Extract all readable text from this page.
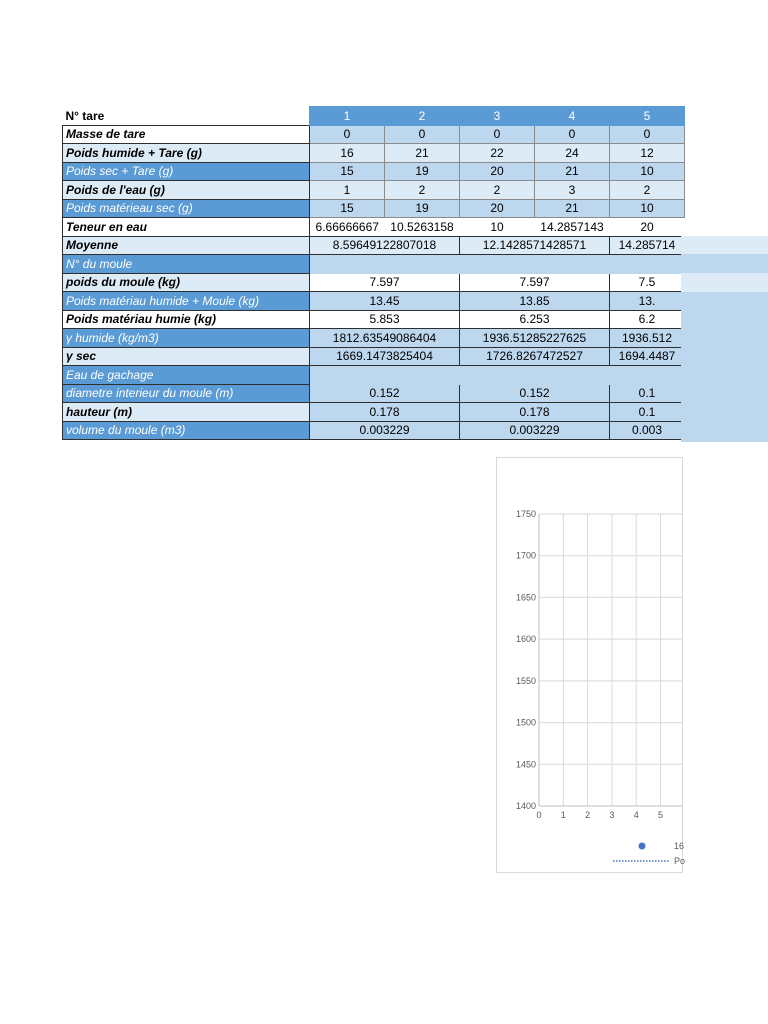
N° tare	1	2	3	4	5
Masse de tare	0	0	0	0	0
Poids humide + Tare (g)	16	21	22	24	12
Poids sec + Tare (g)	15	19	20	21	10
Poids de l'eau (g)	1	2	2	3	2
Poids matérieau sec (g)	15	19	20	21	10
Teneur en eau	6.66666667	10.5263158	10	14.2857143	20
Moyenne	8.59649122807018		12.1428571428571		14.285714
N° du moule					
poids du moule (kg)	7.597		7.597		7.5
Poids matériau humide + Moule (kg)	13.45		13.85		13.
Poids matériau humie (kg)	5.853		6.253		6.2
γ humide (kg/m3)	1812.63549086404		1936.51285227625		1936.512
γ sec	1669.1473825404		1726.8267472527		1694.4487
Eau de gachage					
diametre interieur du moule (m)	0.152		0.152		0.1
hauteur (m)	0.178		0.178		0.1
volume du moule (m3)	0.003229		0.003229		0.003
1750
1700
1650
1600
1550
1500
1450
1400
0 1 2 3 4 5
16
Po
